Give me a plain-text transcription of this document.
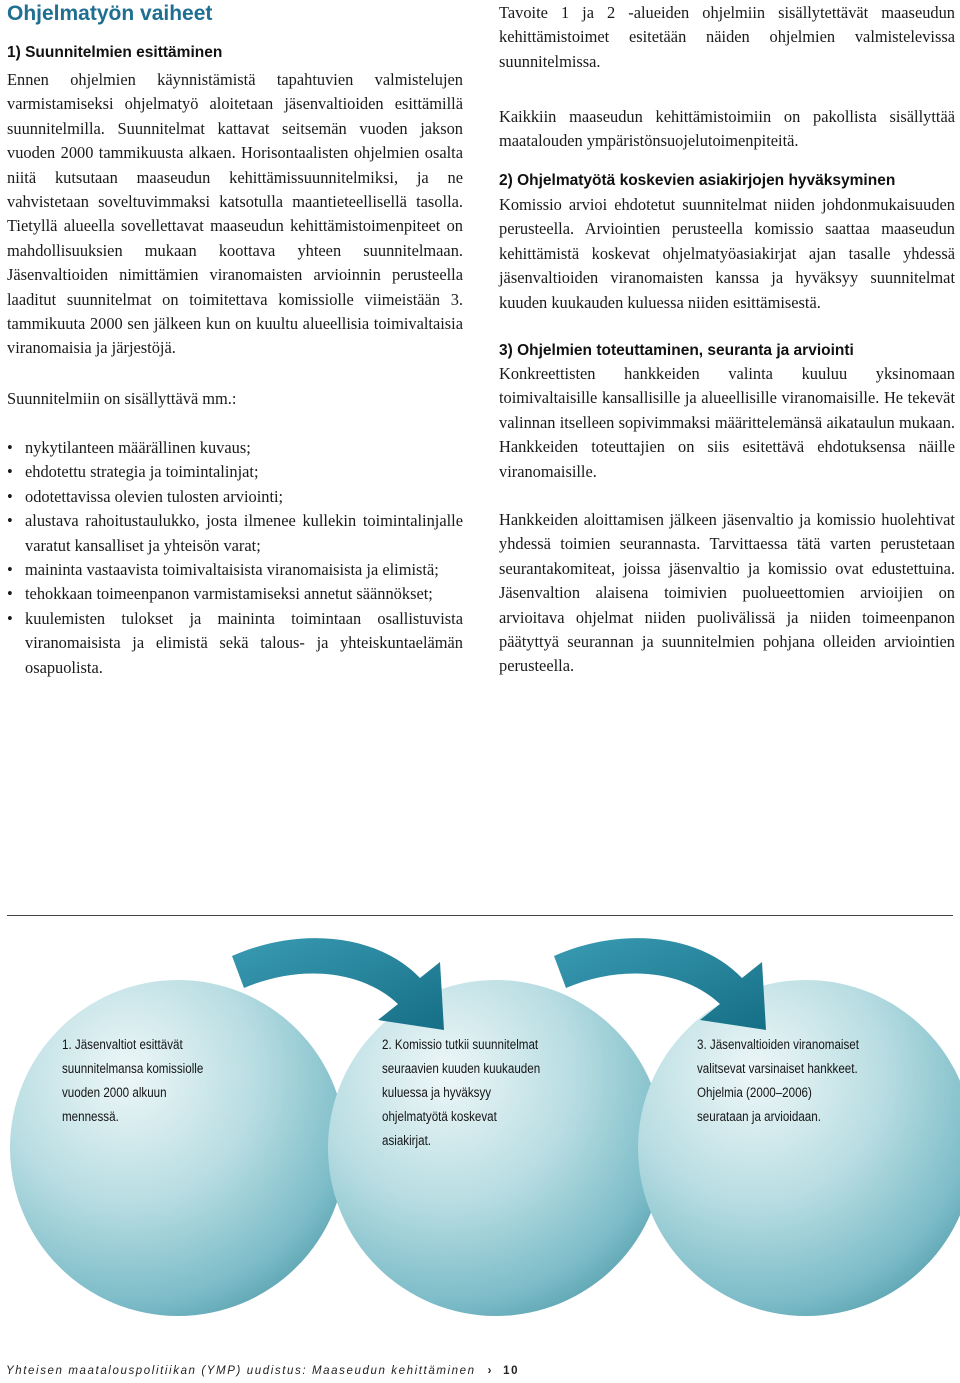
Ohjelmatyön vaiheet
1) Suunnitelmien esittäminen

Ennen ohjelmien käynnistämistä tapahtuvien valmistelujen varmistamiseksi ohjelmatyö aloitetaan jäsenvaltioiden esittämillä suunnitelmilla. Suunnitelmat kattavat seitsemän vuoden jakson vuoden 2000 tammikuusta alkaen. Horisontaalisten ohjelmien osalta niitä kutsutaan maaseudun kehittämissuunnitelmiksi, ja ne vahvistetaan soveltuvimmaksi katsotulla maantieteellisellä tasolla. Tietyllä alueella sovellettavat maaseudun kehittämistoimenpiteet on mahdollisuuksien mukaan koottava yhteen suunnitelmaan. Jäsenvaltioiden nimittämien viranomaisten arvioinnin perusteella laaditut suunnitelmat on toimitettava komissiolle viimeistään 3. tammikuuta 2000 sen jälkeen kun on kuultu alueellisia toimivaltaisia viranomaisia ja järjestöjä.

Suunnitelmiin on sisällyttävä mm.:

• nykytilanteen määrällinen kuvaus;
• ehdotettu strategia ja toimintalinjat;
• odotettavissa olevien tulosten arviointi;
• alustava rahoitustaulukko, josta ilmenee kullekin toimintalinjalle varatut kansalliset ja yhteisön varat;
• maininta vastaavista toimivaltaisista viranomaisista ja elimistä;
• tehokkaan toimeenpanon varmistamiseksi annetut säännökset;
• kuulemisten tulokset ja maininta toimintaan osallistuvista viranomaisista ja elimistä sekä talous- ja yhteiskuntaelämän osapuolista.

Tavoite 1 ja 2 -alueiden ohjelmiin sisällytettävät maaseudun kehittämistoimet esitetään näiden ohjelmien valmistelevissa suunnitelmissa.

Kaikkiin maaseudun kehittämistoimiin on pakollista sisällyttää maatalouden ympäristönsuojelutoimenpiteitä.

2) Ohjelmatyötä koskevien asiakirjojen hyväksyminen

Komissio arvioi ehdotetut suunnitelmat niiden johdonmukaisuuden perusteella. Arviointien perusteella komissio saattaa maaseudun kehittämistä koskevat ohjelmatyöasiakirjat ajan tasalle yhdessä jäsenvaltioiden viranomaisten kanssa ja hyväksyy suunnitelmat kuuden kuukauden kuluessa niiden esittämisestä.

3) Ohjelmien toteuttaminen, seuranta ja arviointi

Konkreettisten hankkeiden valinta kuuluu yksinomaan toimivaltaisille kansallisille ja alueellisille viranomaisille. He tekevät valinnan itselleen sopivimmaksi määrittelemänsä aikataulun mukaan. Hankkeiden toteuttajien on siis esitettävä ehdotuksensa näille viranomaisille.

Hankkeiden aloittamisen jälkeen jäsenvaltio ja komissio huolehtivat yhdessä toimien seurannasta. Tarvittaessa tätä varten perustetaan seurantakomiteat, joissa jäsenvaltio ja komissio ovat edustettuina. Jäsenvaltion alaisena toimivien puolueettomien arvioijien on arvioitava ohjelmat niiden puolivälissä ja niiden toimeenpanon päätyttyä seurannan ja suunnitelmien pohjana olleiden arviointien perusteella.

1. Jäsenvaltiot esittävät
suunnitelmansa komissiolle
vuoden 2000 alkuun
mennessä.
2. Komissio tutkii suunnitelmat
seuraavien kuuden kuukauden
kuluessa ja hyväksyy
ohjelmatyötä koskevat
asiakirjat.
3. Jäsenvaltioiden viranomaiset
valitsevat varsinaiset hankkeet.
Ohjelmia (2000–2006)
seurataan ja arvioidaan.
Yhteisen maatalouspolitiikan (YMP) uudistus: Maaseudun kehittäminen › 10
